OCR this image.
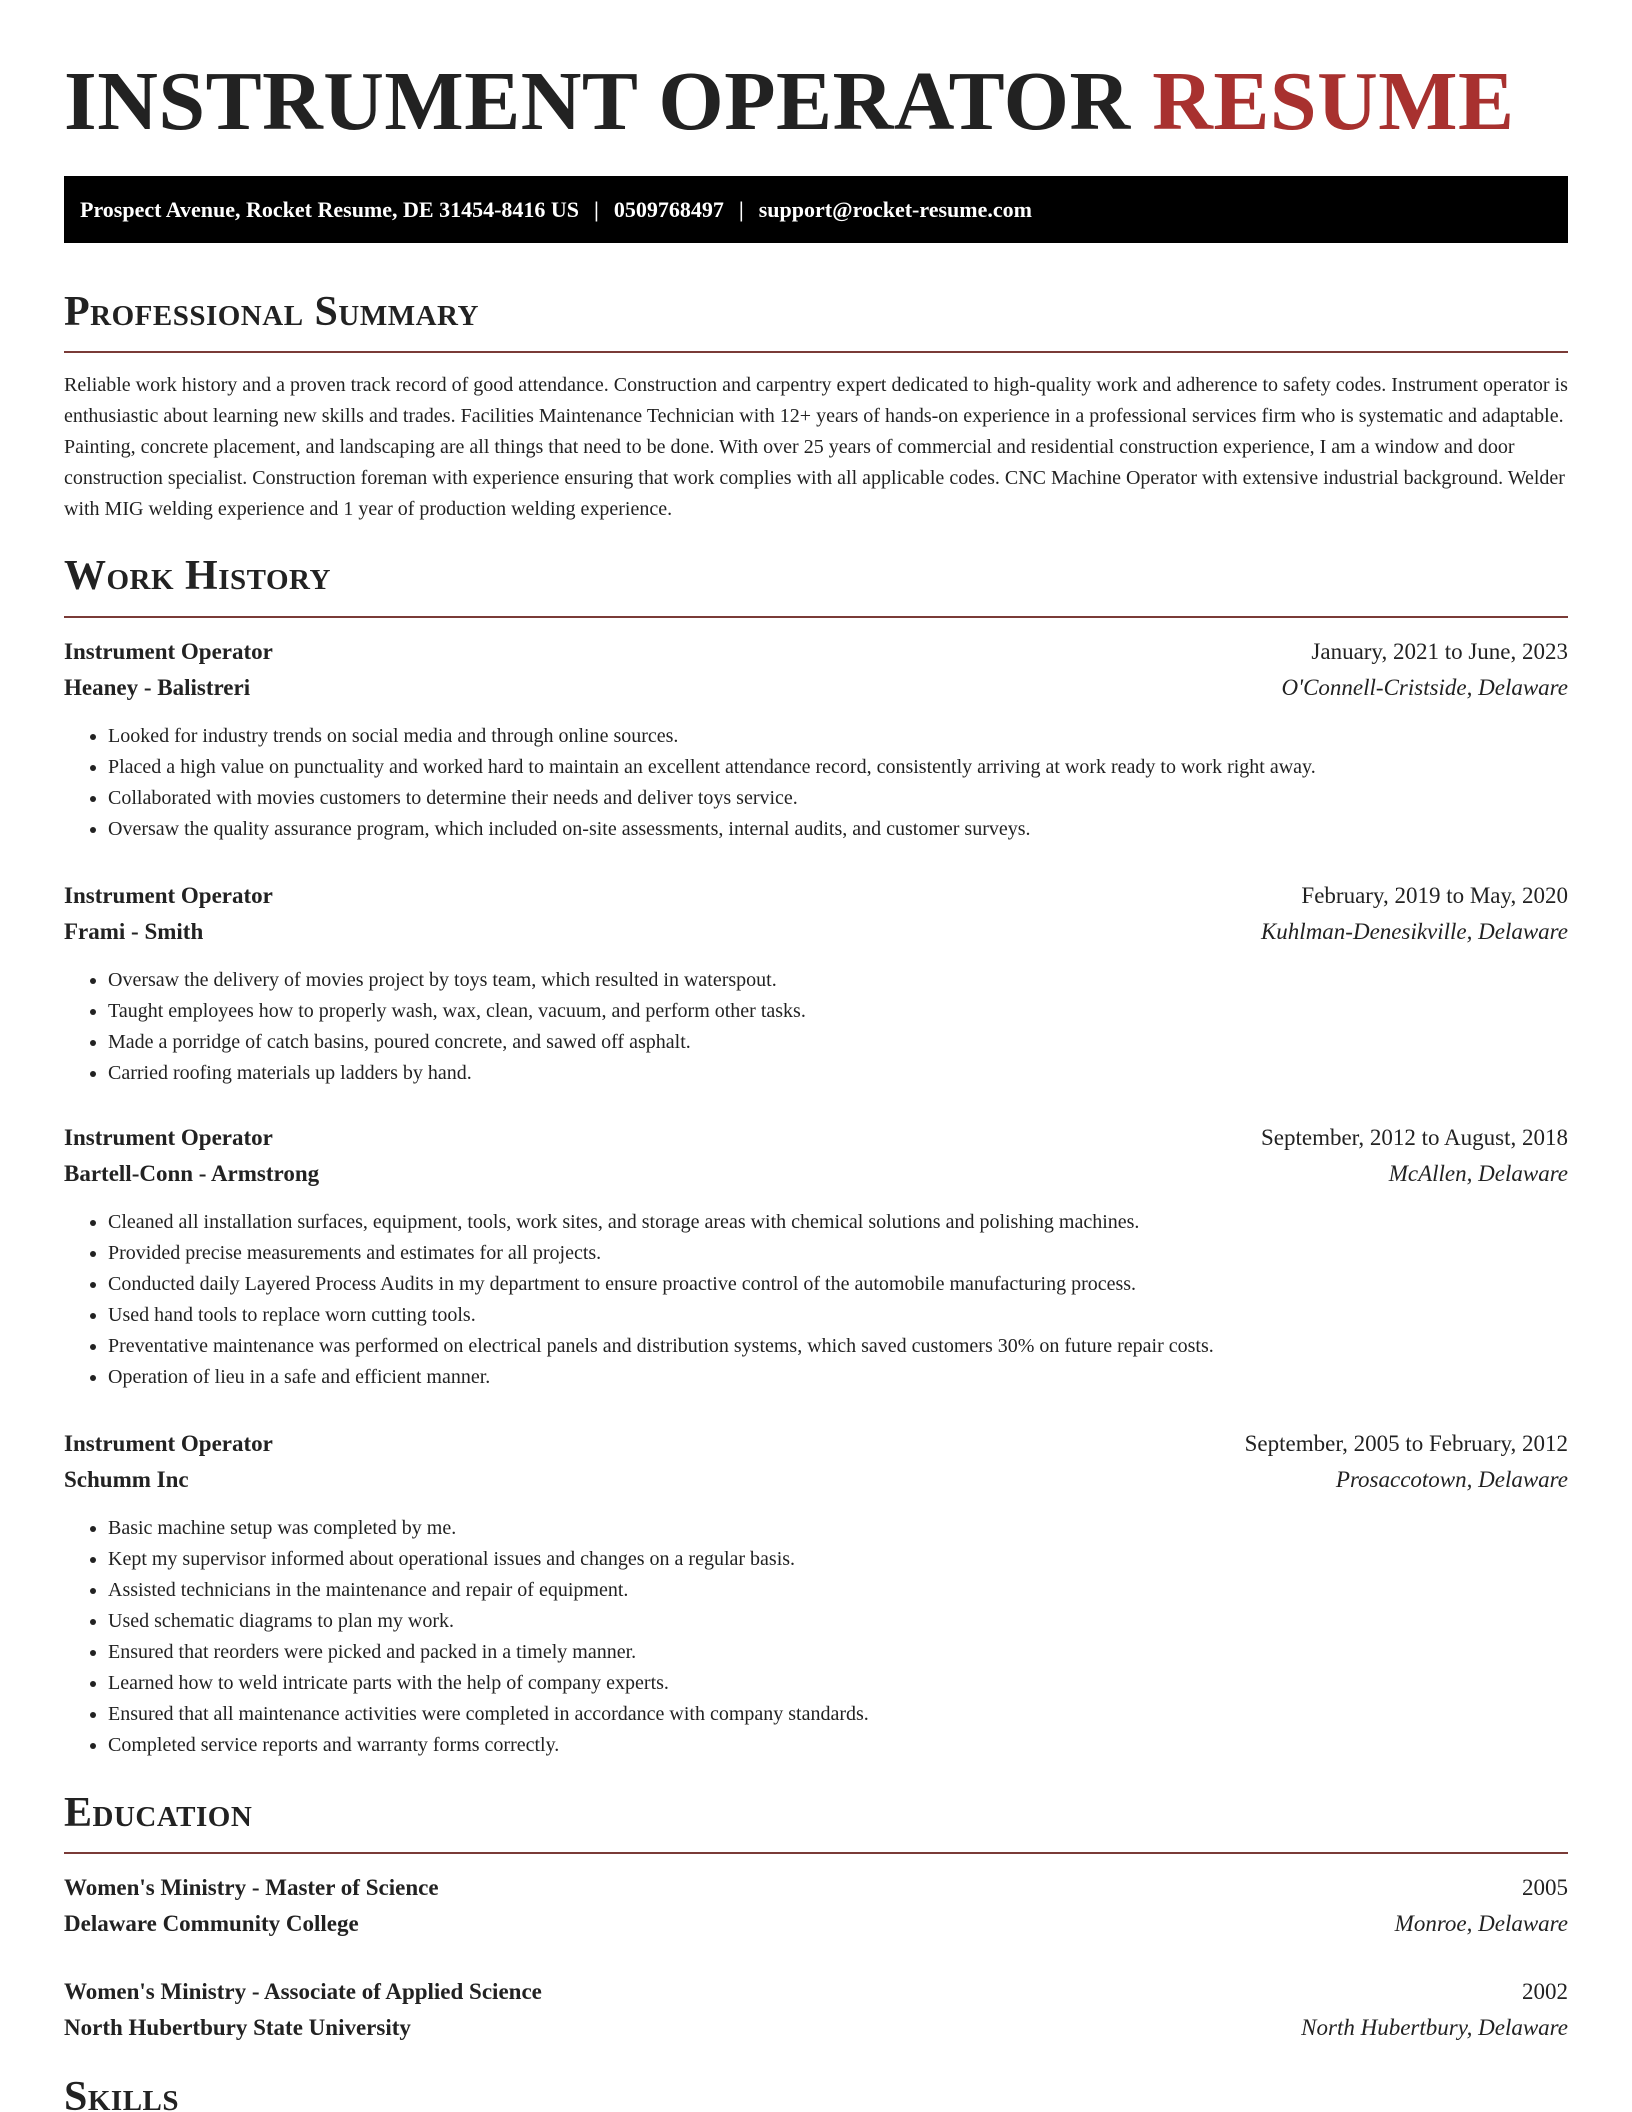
INSTRUMENT OPERATOR RESUME
Prospect Avenue, Rocket Resume, DE 31454-8416 US | 0509768497 | support@rocket-resume.com
Professional Summary

Reliable work history and a proven track record of good attendance. Construction and carpentry expert dedicated to high-quality work and adherence to safety codes. Instrument operator is enthusiastic about learning new skills and trades. Facilities Maintenance Technician with 12+ years of hands-on experience in a professional services firm who is systematic and adaptable. Painting, concrete placement, and landscaping are all things that need to be done. With over 25 years of commercial and residential construction experience, I am a window and door construction specialist. Construction foreman with experience ensuring that work complies with all applicable codes. CNC Machine Operator with extensive industrial background. Welder with MIG welding experience and 1 year of production welding experience.

Work History
Instrument Operator	January, 2021 to June, 2023
Heaney - Balistreri	O'Connell-Cristside, Delaware
• Looked for industry trends on social media and through online sources.
• Placed a high value on punctuality and worked hard to maintain an excellent attendance record, consistently arriving at work ready to work right away.
• Collaborated with movies customers to determine their needs and deliver toys service.
• Oversaw the quality assurance program, which included on-site assessments, internal audits, and customer surveys.
Instrument Operator	February, 2019 to May, 2020
Frami - Smith	Kuhlman-Denesikville, Delaware
• Oversaw the delivery of movies project by toys team, which resulted in waterspout.
• Taught employees how to properly wash, wax, clean, vacuum, and perform other tasks.
• Made a porridge of catch basins, poured concrete, and sawed off asphalt.
• Carried roofing materials up ladders by hand.
Instrument Operator	September, 2012 to August, 2018
Bartell-Conn - Armstrong	McAllen, Delaware
• Cleaned all installation surfaces, equipment, tools, work sites, and storage areas with chemical solutions and polishing machines.
• Provided precise measurements and estimates for all projects.
• Conducted daily Layered Process Audits in my department to ensure proactive control of the automobile manufacturing process.
• Used hand tools to replace worn cutting tools.
• Preventative maintenance was performed on electrical panels and distribution systems, which saved customers 30% on future repair costs.
• Operation of lieu in a safe and efficient manner.
Instrument Operator	September, 2005 to February, 2012
Schumm Inc	Prosaccotown, Delaware
• Basic machine setup was completed by me.
• Kept my supervisor informed about operational issues and changes on a regular basis.
• Assisted technicians in the maintenance and repair of equipment.
• Used schematic diagrams to plan my work.
• Ensured that reorders were picked and packed in a timely manner.
• Learned how to weld intricate parts with the help of company experts.
• Ensured that all maintenance activities were completed in accordance with company standards.
• Completed service reports and warranty forms correctly.
Education
Women's Ministry - Master of Science	2005
Delaware Community College	Monroe, Delaware
Women's Ministry - Associate of Applied Science	2002
North Hubertbury State University	North Hubertbury, Delaware
Skills
